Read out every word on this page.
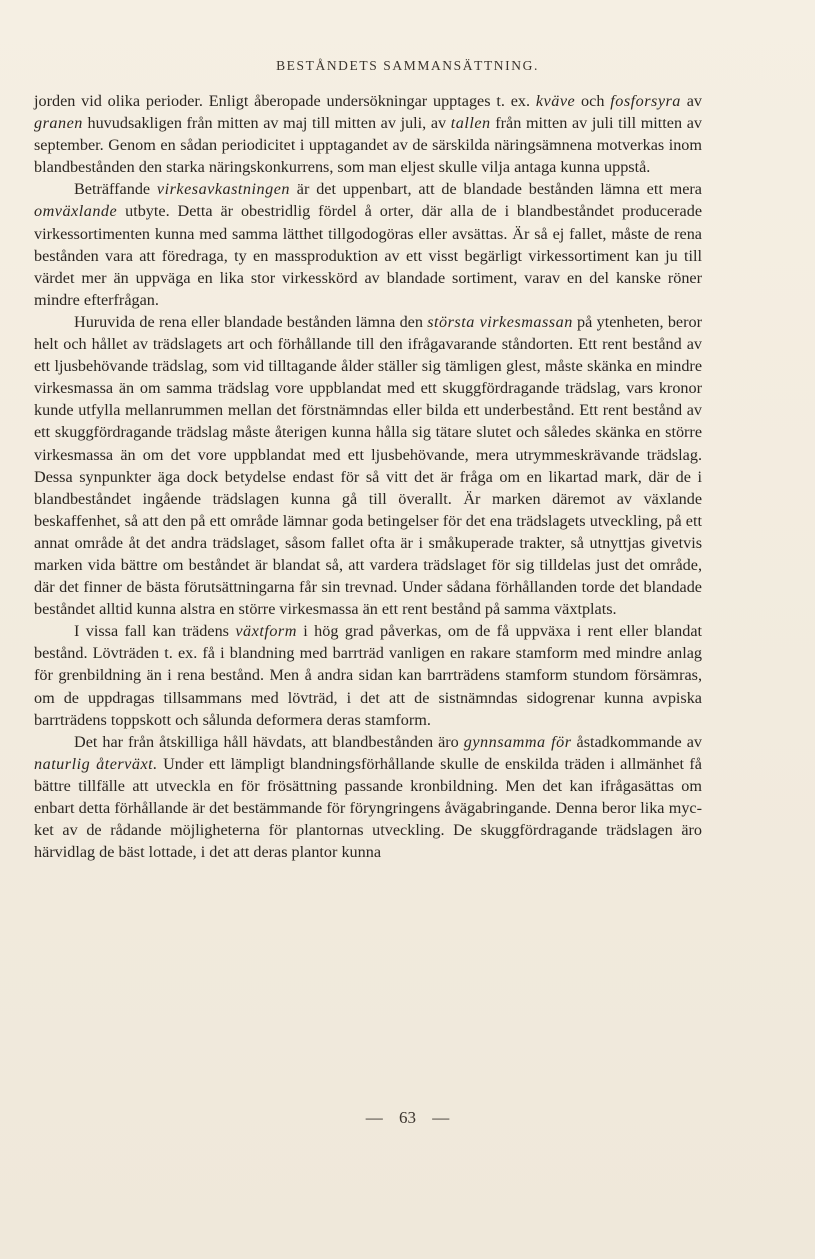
BESTÅNDETS SAMMANSÄTTNING.

jorden vid olika perioder. Enligt åberopade undersökningar upptages t. ex. kväve och fosforsyra av granen huvudsakligen från mitten av maj till mitten av juli, av tallen från mitten av juli till mitten av september. Genom en sådan periodicitet i upptagandet av de särskilda näringsämnena motverkas inom blandbestånden den starka näringskonkurrens, som man eljest skulle vilja antaga kunna uppstå.

Beträffande virkesavkastningen är det uppenbart, att de blandade bestånden lämna ett mera omväxlande utbyte. Detta är obestridlig fördel å orter, där alla de i blandbeståndet producerade virkessortimenten kunna med samma lätthet tillgodogöras eller avsättas. Är så ej fallet, måste de rena bestånden vara att föredraga, ty en massproduktion av ett visst begärligt virkessortiment kan ju till värdet mer än uppväga en lika stor virkesskörd av blandade sortiment, varav en del kanske röner mindre efterfrågan.

Huruvida de rena eller blandade bestånden lämna den största virkesmassan på ytenheten, beror helt och hållet av trädslagets art och förhållande till den ifrågavarande ståndorten. Ett rent bestånd av ett ljusbehövande trädslag, som vid tilltagande ålder ställer sig tämligen glest, måste skänka en mindre virkesmassa än om samma trädslag vore uppblandat med ett skuggfördragande trädslag, vars kronor kunde utfylla mellanrummen mellan det förstnämndas eller bilda ett underbestånd. Ett rent bestånd av ett skuggfördragande trädslag måste återigen kunna hålla sig tätare slutet och således skänka en större virkesmassa än om det vore uppblandat med ett ljusbehövande, mera utrymmeskrävande trädslag. Dessa synpunkter äga dock betydelse endast för så vitt det är fråga om en likartad mark, där de i blandbeståndet ingående trädslagen kunna gå till överallt. Är marken däremot av växlande beskaffenhet, så att den på ett område lämnar goda betingelser för det ena trädslagets utveckling, på ett annat område åt det andra trädslaget, såsom fallet ofta är i småkuperade trakter, så utnyttjas givetvis marken vida bättre om beståndet är blandat så, att vardera trädslaget för sig tilldelas just det område, där det finner de bästa förutsättningarna får sin trevnad. Under sådana förhållanden torde det blandade beståndet alltid kunna alstra en större virkesmassa än ett rent bestånd på samma växtplats.

I vissa fall kan trädens växtform i hög grad påverkas, om de få uppväxa i rent eller blandat bestånd. Lövträden t. ex. få i blandning med barrträd vanligen en rakare stamform med mindre anlag för grenbildning än i rena bestånd. Men å andra sidan kan barrträdens stamform stundom försämras, om de uppdragas tillsammans med lövträd, i det att de sistnämndas sidogrenar kunna avpiska barrträdens toppskott och sålunda deformera deras stamform.

Det har från åtskilliga håll hävdats, att blandbestånden äro gynnsamma för åstadkommande av naturlig återväxt. Under ett lämpligt blandningsförhållande skulle de enskilda träden i allmänhet få bättre tillfälle att utveckla en för frösättning passande kronbildning. Men det kan ifrågasättas om enbart detta förhållande är det bestämmande för föryngringens åvägabringande. Denna beror lika mycket av de rådande möjligheterna för plantornas utveckling. De skuggfördragande trädslagen äro härvidlag de bäst lottade, i det att deras plantor kunna

— 63 —
